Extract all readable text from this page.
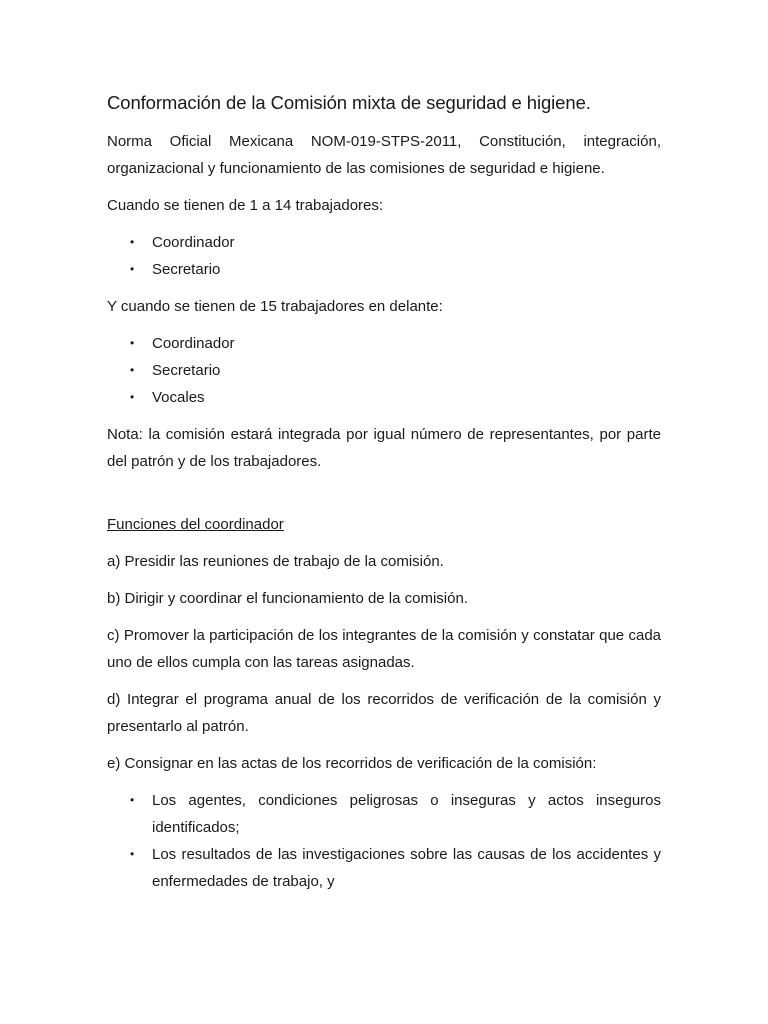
Conformación de la Comisión mixta de seguridad e higiene.

Norma Oficial Mexicana NOM-019-STPS-2011, Constitución, integración, organizacional y funcionamiento de las comisiones de seguridad e higiene.

Cuando se tienen de 1 a 14 trabajadores:

• Coordinador
• Secretario

Y cuando se tienen de 15 trabajadores en delante:

• Coordinador
• Secretario
• Vocales

Nota: la comisión estará integrada por igual número de representantes, por parte del patrón y de los trabajadores.

Funciones del coordinador

a) Presidir las reuniones de trabajo de la comisión.

b) Dirigir y coordinar el funcionamiento de la comisión.

c) Promover la participación de los integrantes de la comisión y constatar que cada uno de ellos cumpla con las tareas asignadas.

d) Integrar el programa anual de los recorridos de verificación de la comisión y presentarlo al patrón.

e) Consignar en las actas de los recorridos de verificación de la comisión:

• Los agentes, condiciones peligrosas o inseguras y actos inseguros identificados;
• Los resultados de las investigaciones sobre las causas de los accidentes y enfermedades de trabajo, y
